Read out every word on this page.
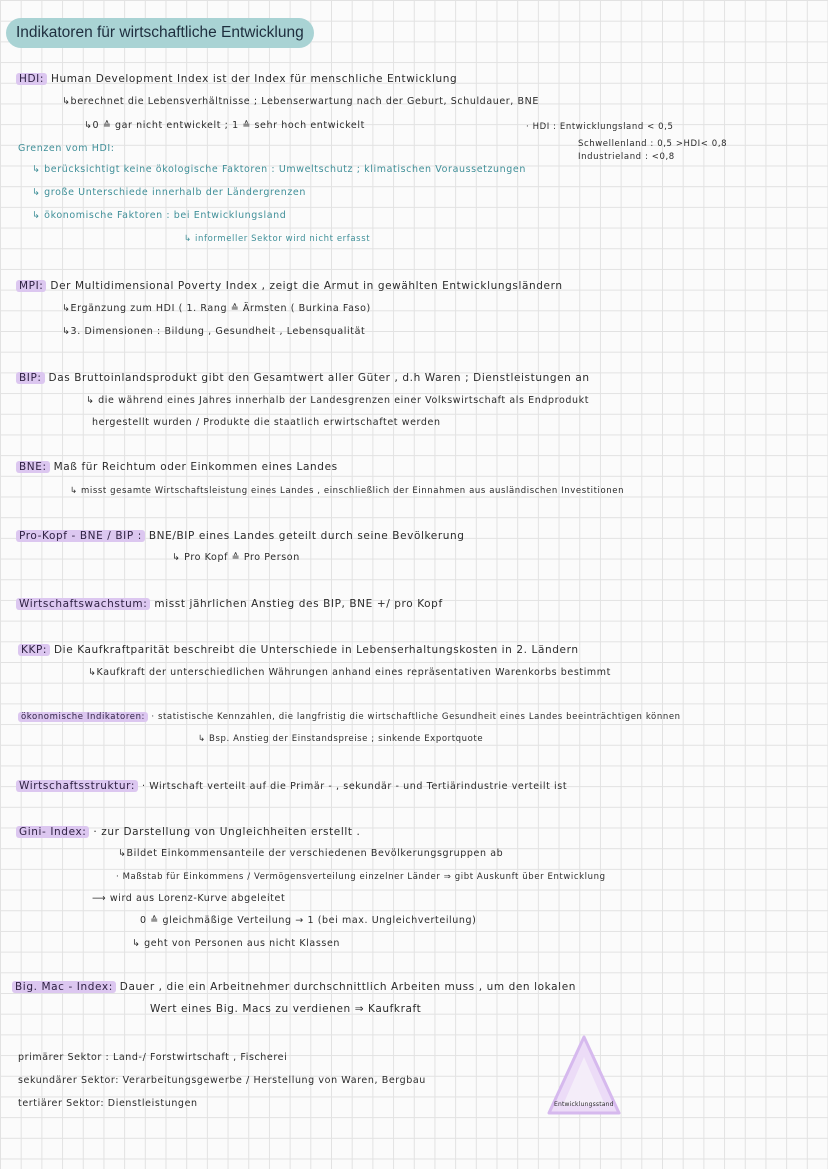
Indikatoren für wirtschaftliche Entwicklung
HDI: Human Development Index ist der Index für menschliche Entwicklung
↳berechnet die Lebensverhältnisse ; Lebenserwartung nach der Geburt, Schuldauer, BNE
↳0 ≙ gar nicht entwickelt ; 1 ≙ sehr hoch entwickelt	· HDI : Entwicklungsland < 0,5
Schwellenland : 0,5 >HDI< 0,8
Industrieland : <0,8
Grenzen vom HDI:
↳ berücksichtigt keine ökologische Faktoren : Umweltschutz ; klimatischen Voraussetzungen
↳ große Unterschiede innerhalb der Ländergrenzen
↳ ökonomische Faktoren : bei Entwicklungsland
↳ informeller Sektor wird nicht erfasst
MPI: Der Multidimensional Poverty Index , zeigt die Armut in gewählten Entwicklungsländern
↳Ergänzung zum HDI ( 1. Rang ≙ Ärmsten ( Burkina Faso)
↳3. Dimensionen : Bildung , Gesundheit , Lebensqualität
BIP: Das Bruttoinlandsprodukt gibt den Gesamtwert aller Güter , d.h Waren ; Dienstleistungen an
↳ die während eines Jahres innerhalb der Landesgrenzen einer Volkswirtschaft als Endprodukt
hergestellt wurden / Produkte die staatlich erwirtschaftet werden
BNE: Maß für Reichtum oder Einkommen eines Landes
↳ misst gesamte Wirtschaftsleistung eines Landes , einschließlich der Einnahmen aus ausländischen Investitionen
Pro-Kopf - BNE / BIP : BNE/BIP eines Landes geteilt durch seine Bevölkerung
↳ Pro Kopf ≙ Pro Person
Wirtschaftswachstum: misst jährlichen Anstieg des BIP, BNE +/ pro Kopf
KKP: Die Kaufkraftparität beschreibt die Unterschiede in Lebenserhaltungskosten in 2. Ländern
↳Kaufkraft der unterschiedlichen Währungen anhand eines repräsentativen Warenkorbs bestimmt
ökonomische Indikatoren: · statistische Kennzahlen, die langfristig die wirtschaftliche Gesundheit eines Landes beeinträchtigen können
↳ Bsp. Anstieg der Einstandspreise ; sinkende Exportquote
Wirtschaftsstruktur: · Wirtschaft verteilt auf die Primär - , sekundär - und Tertiärindustrie verteilt ist
Gini- Index: · zur Darstellung von Ungleichheiten erstellt .
↳Bildet Einkommensanteile der verschiedenen Bevölkerungsgruppen ab
· Maßstab für Einkommens / Vermögensverteilung einzelner Länder ⇒ gibt Auskunft über Entwicklung
⟶ wird aus Lorenz-Kurve abgeleitet
0 ≙ gleichmäßige Verteilung → 1 (bei max. Ungleichverteilung)
↳ geht von Personen aus nicht Klassen
Big. Mac - Index: Dauer , die ein Arbeitnehmer durchschnittlich Arbeiten muss , um den lokalen
Wert eines Big. Macs zu verdienen ⇒ Kaufkraft
primärer Sektor : Land-/ Forstwirtschaft , Fischerei
sekundärer Sektor: Verarbeitungsgewerbe / Herstellung von Waren, Bergbau
tertiärer Sektor: Dienstleistungen	Entwicklungsstand
